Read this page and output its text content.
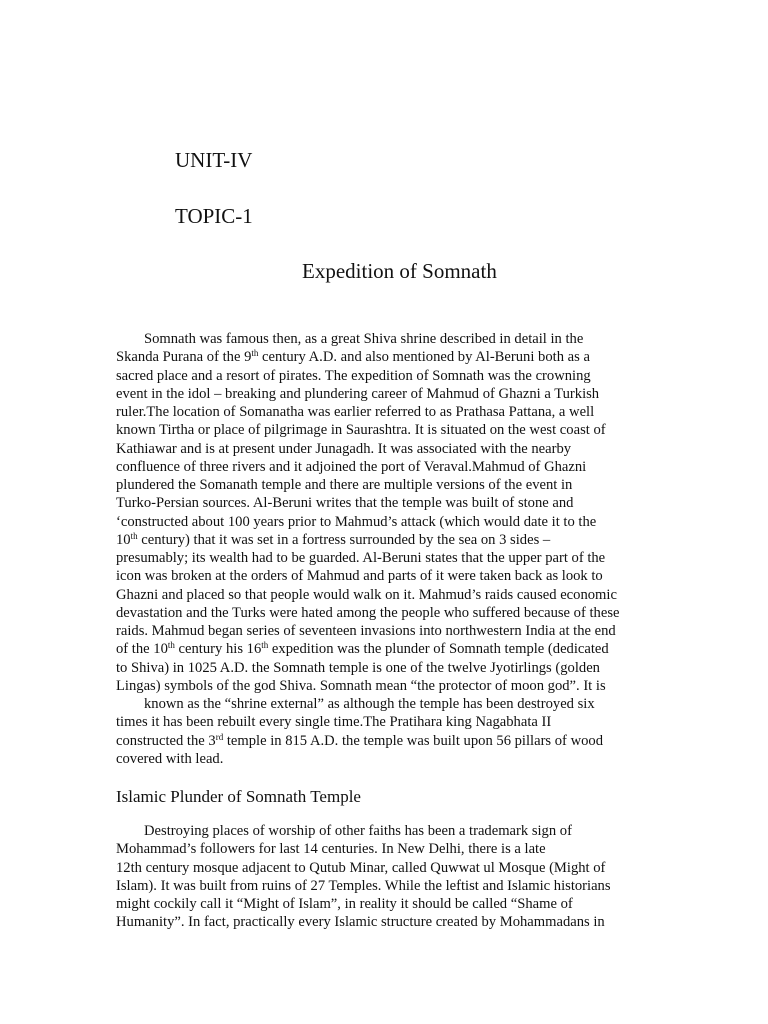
UNIT-IV
TOPIC-1
Expedition of Somnath
Somnath was famous then, as a great Shiva shrine described in detail in the
Skanda Purana of the 9th century A.D. and also mentioned by Al-Beruni both as a
sacred place and a resort of pirates. The expedition of Somnath was the crowning
event in the idol – breaking and plundering career of Mahmud of Ghazni a Turkish
ruler.The location of Somanatha was earlier referred to as Prathasa Pattana, a well
known Tirtha or place of pilgrimage in Saurashtra. It is situated on the west coast of
Kathiawar and is at present under Junagadh. It was associated with the nearby
confluence of three rivers and it adjoined the port of Veraval.Mahmud of Ghazni
plundered the Somanath temple and there are multiple versions of the event in
Turko-Persian sources. Al-Beruni writes that the temple was built of stone and
‘constructed about 100 years prior to Mahmud’s attack (which would date it to the
10th century) that it was set in a fortress surrounded by the sea on 3 sides –
presumably; its wealth had to be guarded. Al-Beruni states that the upper part of the
icon was broken at the orders of Mahmud and parts of it were taken back as look to
Ghazni and placed so that people would walk on it. Mahmud’s raids caused economic
devastation and the Turks were hated among the people who suffered because of these
raids. Mahmud began series of seventeen invasions into northwestern India at the end
of the 10th century his 16th expedition was the plunder of Somnath temple (dedicated
to Shiva) in 1025 A.D. the Somnath temple is one of the twelve Jyotirlings (golden
Lingas) symbols of the god Shiva. Somnath mean “the protector of moon god”. It is
known as the “shrine external” as although the temple has been destroyed six
times it has been rebuilt every single time.The Pratihara king Nagabhata II
constructed the 3rd temple in 815 A.D. the temple was built upon 56 pillars of wood
covered with lead.
Islamic Plunder of Somnath Temple
Destroying places of worship of other faiths has been a trademark sign of
Mohammad’s followers for last 14 centuries. In New Delhi, there is a late
12th century mosque adjacent to Qutub Minar, called Quwwat ul Mosque (Might of
Islam). It was built from ruins of 27 Temples. While the leftist and Islamic historians
might cockily call it “Might of Islam”, in reality it should be called “Shame of
Humanity”. In fact, practically every Islamic structure created by Mohammadans in
